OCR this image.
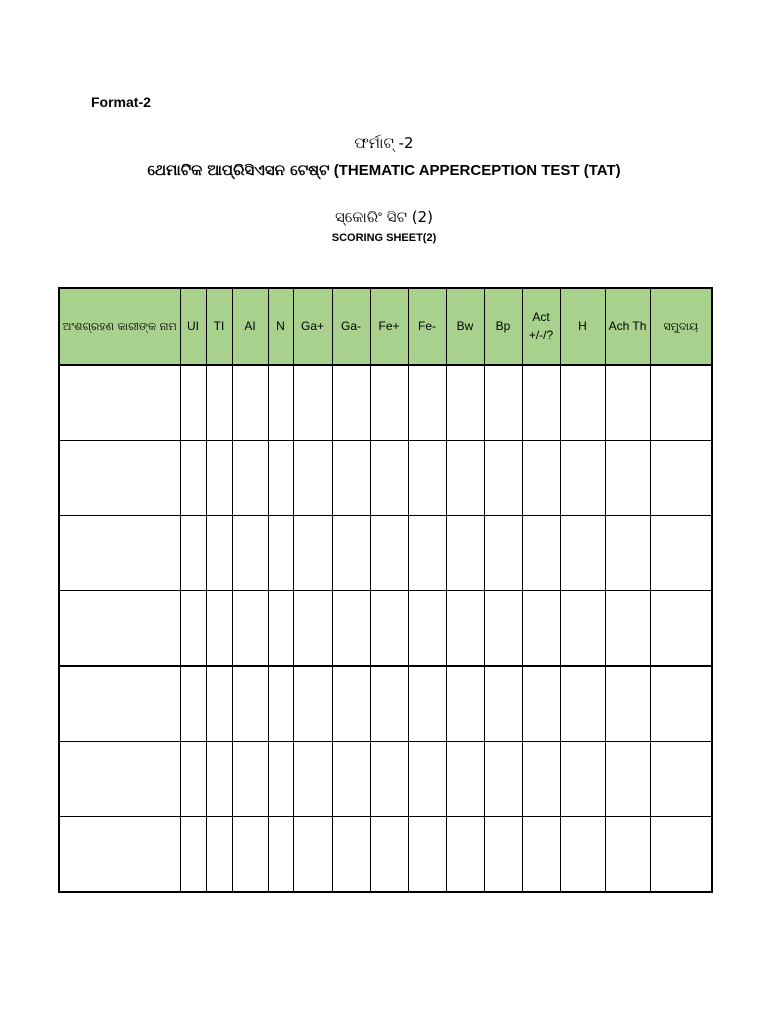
Format-2
ଫର୍ମାଟ୍ -2
ଥେମାଟିକ ଆପ୍ରିସିଏସନ ଟେଷ୍ଟ (THEMATIC APPERCEPTION TEST (TAT)
ସ୍କୋରିଂ ସିଟ (2)
SCORING SHEET(2)
ଅଂଶଗ୍ରହଣ କାରୀଙ୍କ ନାମ	UI	TI	AI	N	Ga+	Ga-	Fe+	Fe-	Bw	Bp	Act +/-/?	H	Ach Th	ସମୁଦାୟ
